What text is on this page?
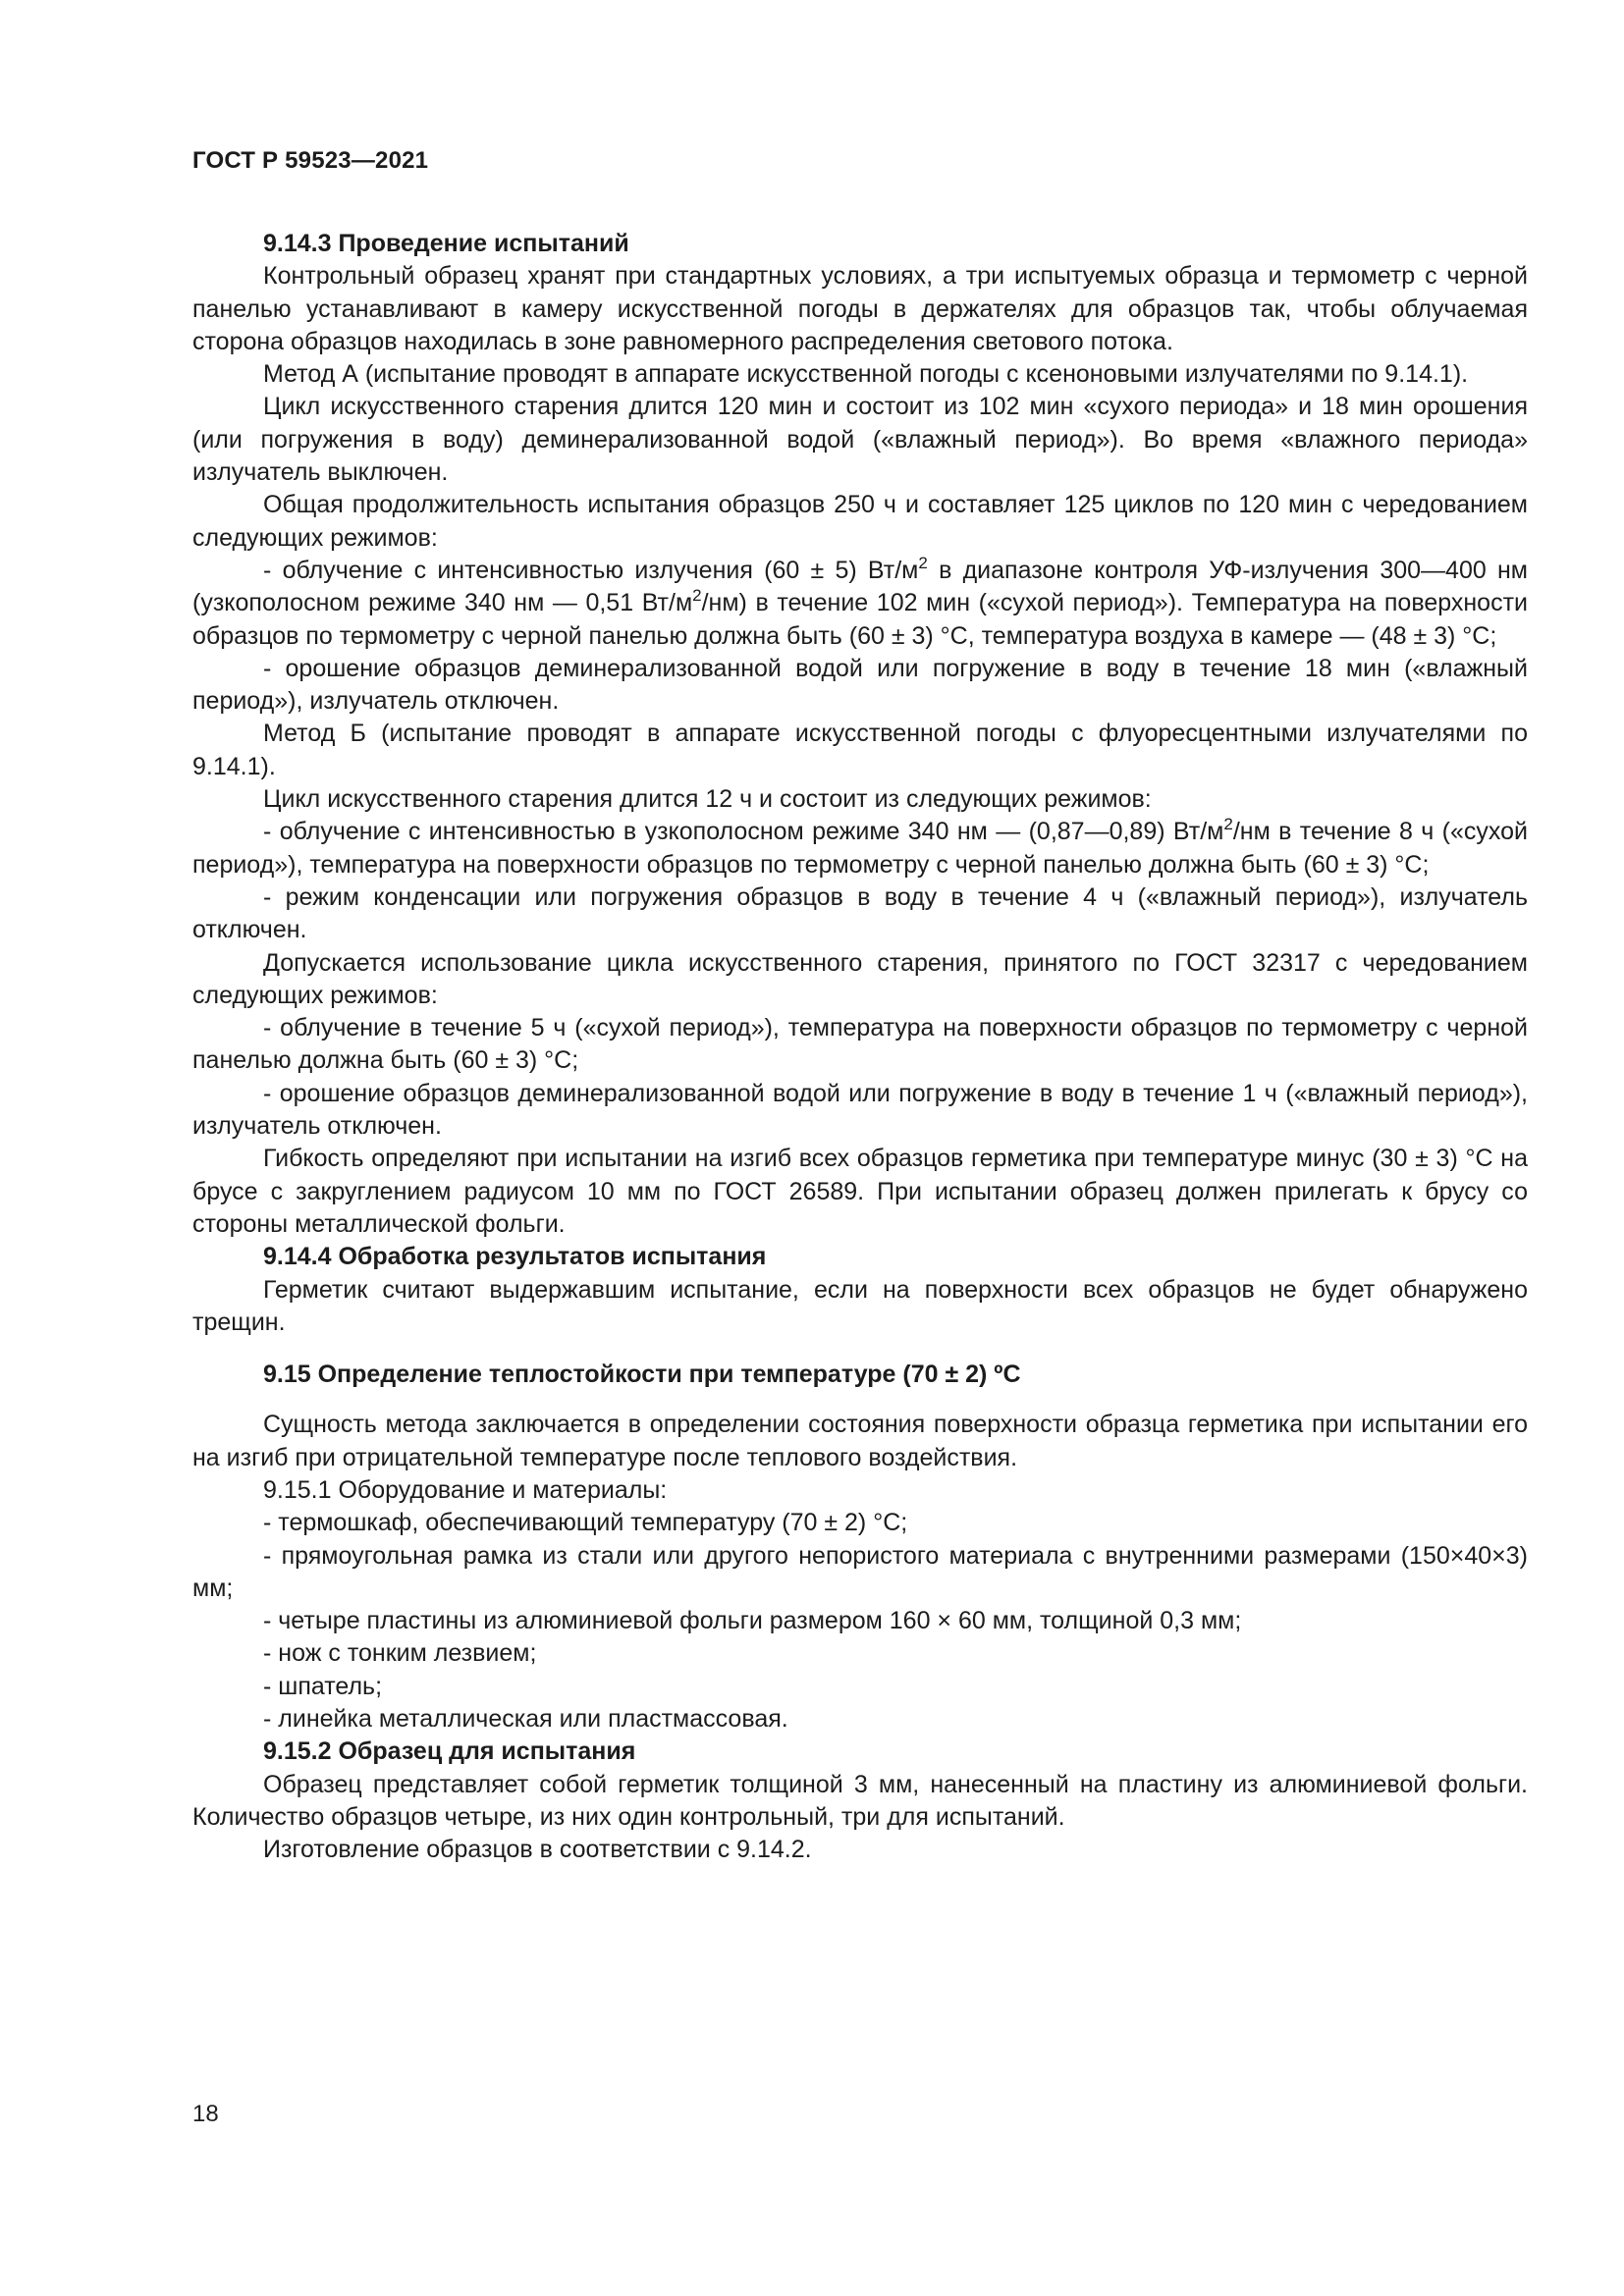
ГОСТ Р 59523—2021

9.14.3 Проведение испытаний

Контрольный образец хранят при стандартных условиях, а три испытуемых образца и термометр с черной панелью устанавливают в камеру искусственной погоды в держателях для образцов так, чтобы облучаемая сторона образцов находилась в зоне равномерного распределения светового потока.

Метод А (испытание проводят в аппарате искусственной погоды с ксеноновыми излучателями по 9.14.1).

Цикл искусственного старения длится 120 мин и состоит из 102 мин «сухого периода» и 18 мин орошения (или погружения в воду) деминерализованной водой («влажный период»). Во время «влажного периода» излучатель выключен.

Общая продолжительность испытания образцов 250 ч и составляет 125 циклов по 120 мин с чередованием следующих режимов:

- облучение с интенсивностью излучения (60 ± 5) $Вт/м^2$ в диапазоне контроля УФ-излучения 300—400 нм (узкополосном режиме 340 нм — 0,51 $Вт/м^2/нм$) в течение 102 мин («сухой период»). Температура на поверхности образцов по термометру с черной панелью должна быть (60 ± 3) °С, температура воздуха в камере — (48 ± 3) °С;

- орошение образцов деминерализованной водой или погружение в воду в течение 18 мин («влажный период»), излучатель отключен.

Метод Б (испытание проводят в аппарате искусственной погоды с флуоресцентными излучателями по 9.14.1).

Цикл искусственного старения длится 12 ч и состоит из следующих режимов:

- облучение с интенсивностью в узкополосном режиме 340 нм — (0,87—0,89) $Вт/м^2/нм$ в течение 8 ч («сухой период»), температура на поверхности образцов по термометру с черной панелью должна быть (60 ± 3) °С;

- режим конденсации или погружения образцов в воду в течение 4 ч («влажный период»), излучатель отключен.

Допускается использование цикла искусственного старения, принятого по ГОСТ 32317 с чередованием следующих режимов:

- облучение в течение 5 ч («сухой период»), температура на поверхности образцов по термометру с черной панелью должна быть (60 ± 3) °С;

- орошение образцов деминерализованной водой или погружение в воду в течение 1 ч («влажный период»), излучатель отключен.

Гибкость определяют при испытании на изгиб всех образцов герметика при температуре минус (30 ± 3) °С на брусе с закруглением радиусом 10 мм по ГОСТ 26589. При испытании образец должен прилегать к брусу со стороны металлической фольги.

9.14.4 Обработка результатов испытания

Герметик считают выдержавшим испытание, если на поверхности всех образцов не будет обнаружено трещин.

9.15 Определение теплостойкости при температуре (70 ± 2) ºС

Сущность метода заключается в определении состояния поверхности образца герметика при испытании его на изгиб при отрицательной температуре после теплового воздействия.

9.15.1 Оборудование и материалы:

- термошкаф, обеспечивающий температуру (70 ± 2) °С;

- прямоугольная рамка из стали или другого непористого материала с внутренними размерами (150×40×3) мм;

- четыре пластины из алюминиевой фольги размером 160 × 60 мм, толщиной 0,3 мм;

- нож с тонким лезвием;

- шпатель;

- линейка металлическая или пластмассовая.

9.15.2 Образец для испытания

Образец представляет собой герметик толщиной 3 мм, нанесенный на пластину из алюминиевой фольги. Количество образцов четыре, из них один контрольный, три для испытаний.

Изготовление образцов в соответствии с 9.14.2.

18
